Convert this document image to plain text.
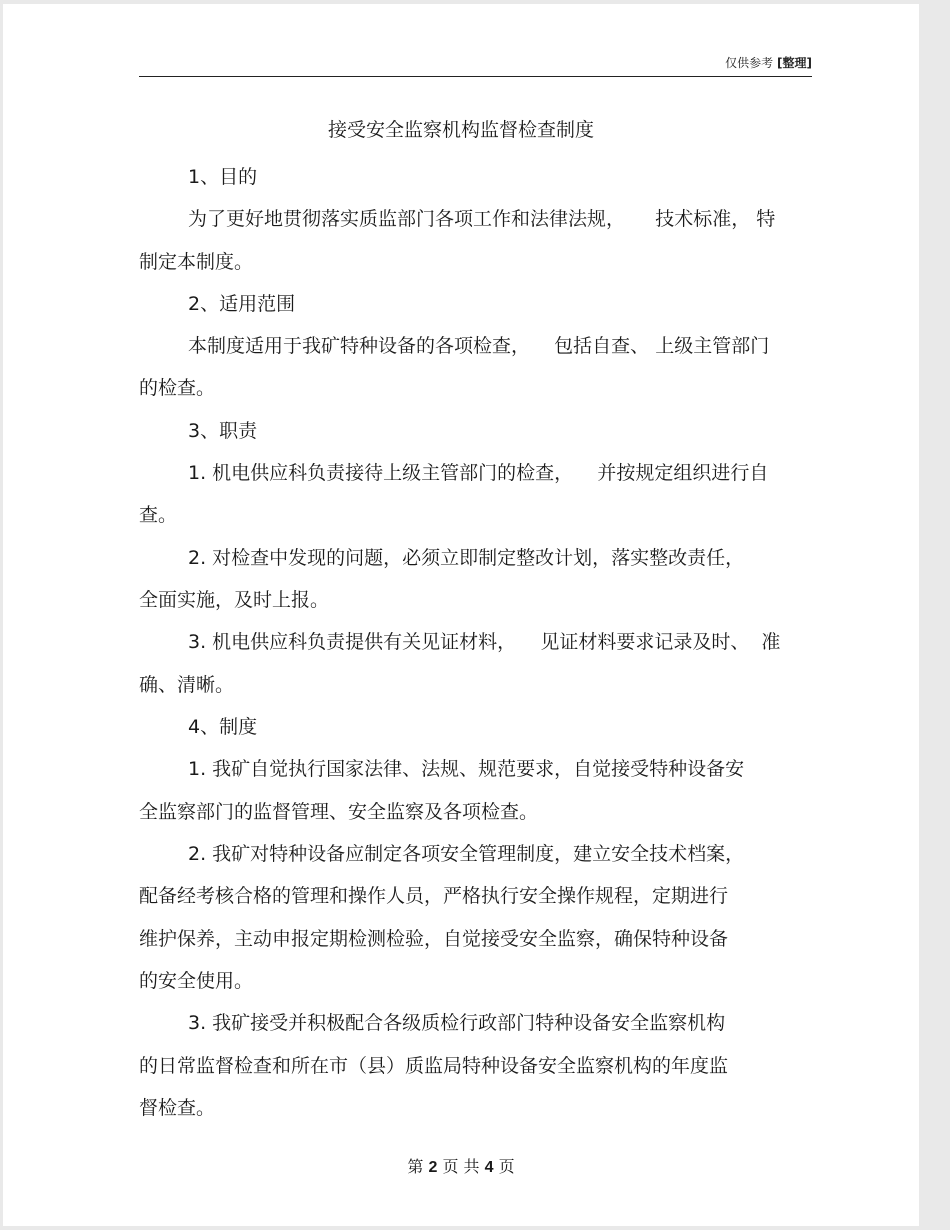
仅供参考 [整理]
接受安全监察机构监督检查制度
1、目的
为了更好地贯彻落实质监部门各项工作和法律法规，     技术标准， 特
制定本制度。
2、适用范围
本制度适用于我矿特种设备的各项检查，    包括自查、 上级主管部门
的检查。
3、职责
1. 机电供应科负责接待上级主管部门的检查，    并按规定组织进行自
查。
2. 对检查中发现的问题，必须立即制定整改计划，落实整改责任，
全面实施，及时上报。
3. 机电供应科负责提供有关见证材料，    见证材料要求记录及时、  准
确、清晰。
4、制度
1. 我矿自觉执行国家法律、法规、规范要求，自觉接受特种设备安
全监察部门的监督管理、安全监察及各项检查。
2. 我矿对特种设备应制定各项安全管理制度，建立安全技术档案，
配备经考核合格的管理和操作人员，严格执行安全操作规程，定期进行
维护保养，主动申报定期检测检验，自觉接受安全监察，确保特种设备
的安全使用。
3. 我矿接受并积极配合各级质检行政部门特种设备安全监察机构
的日常监督检查和所在市（县）质监局特种设备安全监察机构的年度监
督检查。
第 2 页 共 4 页
